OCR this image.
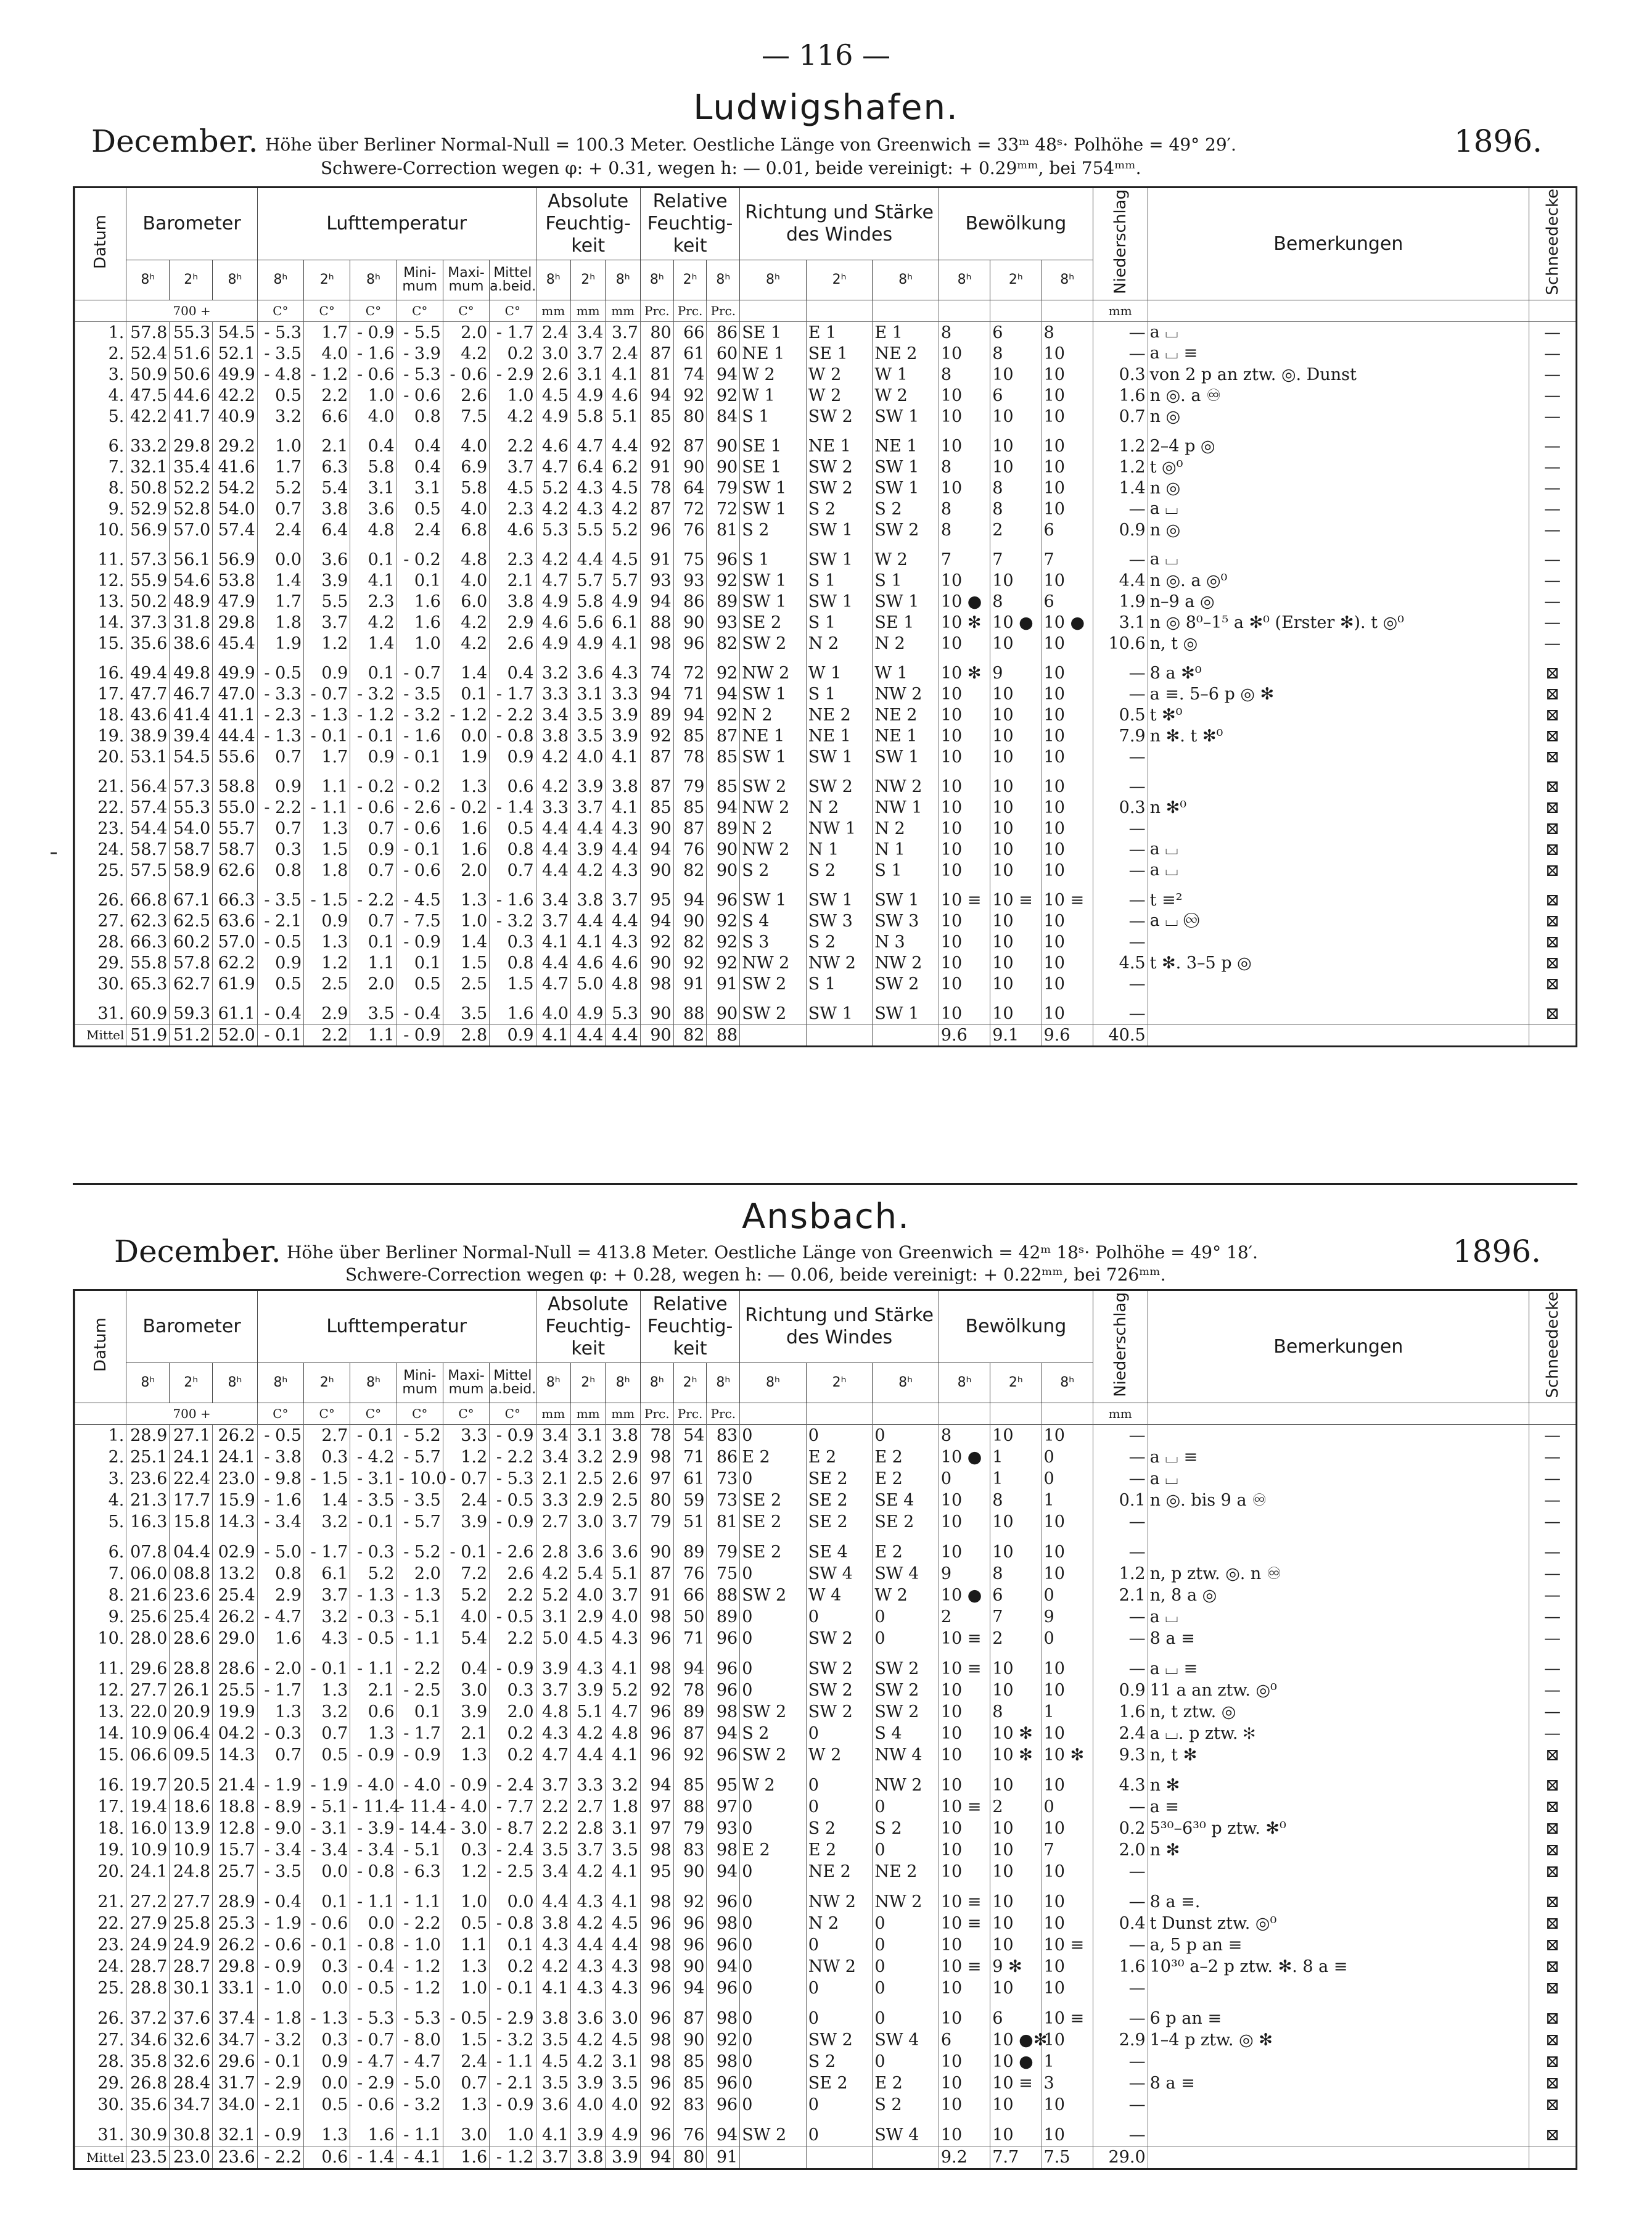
— 116 —
Ludwigshafen.
December.	1896.
Höhe über Berliner Normal-Null = 100.3 Meter. Oestliche Länge von Greenwich = 33ᵐ 48ˢ· Polhöhe = 49° 29′.
Schwere-Correction wegen φ: + 0.31, wegen h: — 0.01, beide vereinigt: + 0.29ᵐᵐ, bei 754ᵐᵐ.
Datum	Barometer			Lufttemperatur						Absolute Feuchtig- keit			Relative Feuchtig- keit			Richtung und Stärke des Windes			Bewölkung			Niederschlag	Bemerkungen	Schneedecke
	8ʰ	2ʰ	8ʰ	8ʰ	2ʰ	8ʰ	Mini- mum	Maxi- mum	Mittel a.beid.	8ʰ	2ʰ	8ʰ	8ʰ	2ʰ	8ʰ	8ʰ	2ʰ	8ʰ	8ʰ	2ʰ	8ʰ			
	700 +			C°	C°	C°	C°	C°	C°	mm	mm	mm	Prc.	Prc.	Prc.							mm		
1.	57.8	55.3	54.5	- 5.3	1.7	- 0.9	- 5.5	2.0	- 1.7	2.4	3.4	3.7	80	66	86	SE 1	E 1	E 1	8	6	8	—	a ⌴	—
2.	52.4	51.6	52.1	- 3.5	4.0	- 1.6	- 3.9	4.2	0.2	3.0	3.7	2.4	87	61	60	NE 1	SE 1	NE 2	10	8	10	—	a ⌴ ≡	—
3.	50.9	50.6	49.9	- 4.8	- 1.2	- 0.6	- 5.3	- 0.6	- 2.9	2.6	3.1	4.1	81	74	94	W 2	W 2	W 1	8	10	10	0.3	von 2 p an ztw. ◎. Dunst	—
4.	47.5	44.6	42.2	0.5	2.2	1.0	- 0.6	2.6	1.0	4.5	4.9	4.6	94	92	92	W 1	W 2	W 2	10	6	10	1.6	n ◎. a ♾	—
5.	42.2	41.7	40.9	3.2	6.6	4.0	0.8	7.5	4.2	4.9	5.8	5.1	85	80	84	S 1	SW 2	SW 1	10	10	10	0.7	n ◎	—
6.	33.2	29.8	29.2	1.0	2.1	0.4	0.4	4.0	2.2	4.6	4.7	4.4	92	87	90	SE 1	NE 1	NE 1	10	10	10	1.2	2–4 p ◎	—
7.	32.1	35.4	41.6	1.7	6.3	5.8	0.4	6.9	3.7	4.7	6.4	6.2	91	90	90	SE 1	SW 2	SW 1	8	10	10	1.2	t ◎⁰	—
8.	50.8	52.2	54.2	5.2	5.4	3.1	3.1	5.8	4.5	5.2	4.3	4.5	78	64	79	SW 1	SW 2	SW 1	10	8	10	1.4	n ◎	—
9.	52.9	52.8	54.0	0.7	3.8	3.6	0.5	4.0	2.3	4.2	4.3	4.2	87	72	72	SW 1	S 2	S 2	8	8	10	—	a ⌴	—
10.	56.9	57.0	57.4	2.4	6.4	4.8	2.4	6.8	4.6	5.3	5.5	5.2	96	76	81	S 2	SW 1	SW 2	8	2	6	0.9	n ◎	—
11.	57.3	56.1	56.9	0.0	3.6	0.1	- 0.2	4.8	2.3	4.2	4.4	4.5	91	75	96	S 1	SW 1	W 2	7	7	7	—	a ⌴	—
12.	55.9	54.6	53.8	1.4	3.9	4.1	0.1	4.0	2.1	4.7	5.7	5.7	93	93	92	SW 1	S 1	S 1	10	10	10	4.4	n ◎. a ◎⁰	—
13.	50.2	48.9	47.9	1.7	5.5	2.3	1.6	6.0	3.8	4.9	5.8	4.9	94	86	89	SW 1	SW 1	SW 1	10 ●	8	6	1.9	n–9 a ◎	—
14.	37.3	31.8	29.8	1.8	3.7	4.2	1.6	4.2	2.9	4.6	5.6	6.1	88	90	93	SE 2	S 1	SE 1	10 ✻	10 ●	10 ●	3.1	n ◎ 8⁰–1⁵ a ✻⁰ (Erster ✻). t ◎⁰	—
15.	35.6	38.6	45.4	1.9	1.2	1.4	1.0	4.2	2.6	4.9	4.9	4.1	98	96	82	SW 2	N 2	N 2	10	10	10	10.6	n, t ◎	—
16.	49.4	49.8	49.9	- 0.5	0.9	0.1	- 0.7	1.4	0.4	3.2	3.6	4.3	74	72	92	NW 2	W 1	W 1	10 ✻	9	10	—	8 a ✻⁰	⊠
17.	47.7	46.7	47.0	- 3.3	- 0.7	- 3.2	- 3.5	0.1	- 1.7	3.3	3.1	3.3	94	71	94	SW 1	S 1	NW 2	10	10	10	—	a ≡. 5–6 p ◎ ✻	⊠
18.	43.6	41.4	41.1	- 2.3	- 1.3	- 1.2	- 3.2	- 1.2	- 2.2	3.4	3.5	3.9	89	94	92	N 2	NE 2	NE 2	10	10	10	0.5	t ✻⁰	⊠
19.	38.9	39.4	44.4	- 1.3	- 0.1	- 0.1	- 1.6	0.0	- 0.8	3.8	3.5	3.9	92	85	87	NE 1	NE 1	NE 1	10	10	10	7.9	n ✻. t ✻⁰	⊠
20.	53.1	54.5	55.6	0.7	1.7	0.9	- 0.1	1.9	0.9	4.2	4.0	4.1	87	78	85	SW 1	SW 1	SW 1	10	10	10	—		⊠
21.	56.4	57.3	58.8	0.9	1.1	- 0.2	- 0.2	1.3	0.6	4.2	3.9	3.8	87	79	85	SW 2	SW 2	NW 2	10	10	10	—		⊠
22.	57.4	55.3	55.0	- 2.2	- 1.1	- 0.6	- 2.6	- 0.2	- 1.4	3.3	3.7	4.1	85	85	94	NW 2	N 2	NW 1	10	10	10	0.3	n ✻⁰	⊠
23.	54.4	54.0	55.7	0.7	1.3	0.7	- 0.6	1.6	0.5	4.4	4.4	4.3	90	87	89	N 2	NW 1	N 2	10	10	10	—		⊠
24.	58.7	58.7	58.7	0.3	1.5	0.9	- 0.1	1.6	0.8	4.4	3.9	4.4	94	76	90	NW 2	N 1	N 1	10	10	10	—	a ⌴	⊠
25.	57.5	58.9	62.6	0.8	1.8	0.7	- 0.6	2.0	0.7	4.4	4.2	4.3	90	82	90	S 2	S 2	S 1	10	10	10	—	a ⌴	⊠
26.	66.8	67.1	66.3	- 3.5	- 1.5	- 2.2	- 4.5	1.3	- 1.6	3.4	3.8	3.7	95	94	96	SW 1	SW 1	SW 1	10 ≡	10 ≡	10 ≡	—	t ≡²	⊠
27.	62.3	62.5	63.6	- 2.1	0.9	0.7	- 7.5	1.0	- 3.2	3.7	4.4	4.4	94	90	92	S 4	SW 3	SW 3	10	10	10	—	a ⌴ ♾	⊠
28.	66.3	60.2	57.0	- 0.5	1.3	0.1	- 0.9	1.4	0.3	4.1	4.1	4.3	92	82	92	S 3	S 2	N 3	10	10	10	—		⊠
29.	55.8	57.8	62.2	0.9	1.2	1.1	0.1	1.5	0.8	4.4	4.6	4.6	90	92	92	NW 2	NW 2	NW 2	10	10	10	4.5	t ✻. 3–5 p ◎	⊠
30.	65.3	62.7	61.9	0.5	2.5	2.0	0.5	2.5	1.5	4.7	5.0	4.8	98	91	91	SW 2	S 1	SW 2	10	10	10	—		⊠
31.	60.9	59.3	61.1	- 0.4	2.9	3.5	- 0.4	3.5	1.6	4.0	4.9	5.3	90	88	90	SW 2	SW 1	SW 1	10	10	10	—		⊠
Mittel	51.9	51.2	52.0	- 0.1	2.2	1.1	- 0.9	2.8	0.9	4.1	4.4	4.4	90	82	88				9.6	9.1	9.6	40.5		
Ansbach.
December.	1896.
Höhe über Berliner Normal-Null = 413.8 Meter. Oestliche Länge von Greenwich = 42ᵐ 18ˢ· Polhöhe = 49° 18′.
Schwere-Correction wegen φ: + 0.28, wegen h: — 0.06, beide vereinigt: + 0.22ᵐᵐ, bei 726ᵐᵐ.
Datum	Barometer			Lufttemperatur						Absolute Feuchtig- keit			Relative Feuchtig- keit			Richtung und Stärke des Windes			Bewölkung			Niederschlag	Bemerkungen	Schneedecke
	8ʰ	2ʰ	8ʰ	8ʰ	2ʰ	8ʰ	Mini- mum	Maxi- mum	Mittel a.beid.	8ʰ	2ʰ	8ʰ	8ʰ	2ʰ	8ʰ	8ʰ	2ʰ	8ʰ	8ʰ	2ʰ	8ʰ			
	700 +			C°	C°	C°	C°	C°	C°	mm	mm	mm	Prc.	Prc.	Prc.							mm		
1.	28.9	27.1	26.2	- 0.5	2.7	- 0.1	- 5.2	3.3	- 0.9	3.4	3.1	3.8	78	54	83	0	0	0	8	10	10	—		—
2.	25.1	24.1	24.1	- 3.8	0.3	- 4.2	- 5.7	1.2	- 2.2	3.4	3.2	2.9	98	71	86	E 2	E 2	E 2	10 ●	1	0	—	a ⌴ ≡	—
3.	23.6	22.4	23.0	- 9.8	- 1.5	- 3.1	- 10.0	- 0.7	- 5.3	2.1	2.5	2.6	97	61	73	0	SE 2	E 2	0	1	0	—	a ⌴	—
4.	21.3	17.7	15.9	- 1.6	1.4	- 3.5	- 3.5	2.4	- 0.5	3.3	2.9	2.5	80	59	73	SE 2	SE 2	SE 4	10	8	1	0.1	n ◎. bis 9 a ♾	—
5.	16.3	15.8	14.3	- 3.4	3.2	- 0.1	- 5.7	3.9	- 0.9	2.7	3.0	3.7	79	51	81	SE 2	SE 2	SE 2	10	10	10	—		—
6.	07.8	04.4	02.9	- 5.0	- 1.7	- 0.3	- 5.2	- 0.1	- 2.6	2.8	3.6	3.6	90	89	79	SE 2	SE 4	E 2	10	10	10	—		—
7.	06.0	08.8	13.2	0.8	6.1	5.2	2.0	7.2	2.6	4.2	5.4	5.1	87	76	75	0	SW 4	SW 4	9	8	10	1.2	n, p ztw. ◎. n ♾	—
8.	21.6	23.6	25.4	2.9	3.7	- 1.3	- 1.3	5.2	2.2	5.2	4.0	3.7	91	66	88	SW 2	W 4	W 2	10 ●	6	0	2.1	n, 8 a ◎	—
9.	25.6	25.4	26.2	- 4.7	3.2	- 0.3	- 5.1	4.0	- 0.5	3.1	2.9	4.0	98	50	89	0	0	0	2	7	9	—	a ⌴	—
10.	28.0	28.6	29.0	1.6	4.3	- 0.5	- 1.1	5.4	2.2	5.0	4.5	4.3	96	71	96	0	SW 2	0	10 ≡	2	0	—	8 a ≡	—
11.	29.6	28.8	28.6	- 2.0	- 0.1	- 1.1	- 2.2	0.4	- 0.9	3.9	4.3	4.1	98	94	96	0	SW 2	SW 2	10 ≡	10	10	—	a ⌴ ≡	—
12.	27.7	26.1	25.5	- 1.7	1.3	2.1	- 2.5	3.0	0.3	3.7	3.9	5.2	92	78	96	0	SW 2	SW 2	10	10	10	0.9	11 a an ztw. ◎⁰	—
13.	22.0	20.9	19.9	1.3	3.2	0.6	0.1	3.9	2.0	4.8	5.1	4.7	96	89	98	SW 2	SW 2	SW 2	10	8	1	1.6	n, t ztw. ◎	—
14.	10.9	06.4	04.2	- 0.3	0.7	1.3	- 1.7	2.1	0.2	4.3	4.2	4.8	96	87	94	S 2	0	S 4	10	10 ✻	10	2.4	a ⌴. p ztw. ✻	—
15.	06.6	09.5	14.3	0.7	0.5	- 0.9	- 0.9	1.3	0.2	4.7	4.4	4.1	96	92	96	SW 2	W 2	NW 4	10	10 ✻	10 ✻	9.3	n, t ✻	⊠
16.	19.7	20.5	21.4	- 1.9	- 1.9	- 4.0	- 4.0	- 0.9	- 2.4	3.7	3.3	3.2	94	85	95	W 2	0	NW 2	10	10	10	4.3	n ✻	⊠
17.	19.4	18.6	18.8	- 8.9	- 5.1	- 11.4	- 11.4	- 4.0	- 7.7	2.2	2.7	1.8	97	88	97	0	0	0	10 ≡	2	0	—	a ≡	⊠
18.	16.0	13.9	12.8	- 9.0	- 3.1	- 3.9	- 14.4	- 3.0	- 8.7	2.2	2.8	3.1	97	79	93	0	S 2	S 2	10	10	10	0.2	5³⁰–6³⁰ p ztw. ✻⁰	⊠
19.	10.9	10.9	15.7	- 3.4	- 3.4	- 3.4	- 5.1	0.3	- 2.4	3.5	3.7	3.5	98	83	98	E 2	E 2	0	10	10	7	2.0	n ✻	⊠
20.	24.1	24.8	25.7	- 3.5	0.0	- 0.8	- 6.3	1.2	- 2.5	3.4	4.2	4.1	95	90	94	0	NE 2	NE 2	10	10	10	—		⊠
21.	27.2	27.7	28.9	- 0.4	0.1	- 1.1	- 1.1	1.0	0.0	4.4	4.3	4.1	98	92	96	0	NW 2	NW 2	10 ≡	10	10	—	8 a ≡.	⊠
22.	27.9	25.8	25.3	- 1.9	- 0.6	0.0	- 2.2	0.5	- 0.8	3.8	4.2	4.5	96	96	98	0	N 2	0	10 ≡	10	10	0.4	t Dunst ztw. ◎⁰	⊠
23.	24.9	24.9	26.2	- 0.6	- 0.1	- 0.8	- 1.0	1.1	0.1	4.3	4.4	4.4	98	96	96	0	0	0	10	10	10 ≡	—	a, 5 p an ≡	⊠
24.	28.7	28.7	29.8	- 0.9	0.3	- 0.4	- 1.2	1.3	0.2	4.2	4.3	4.3	98	90	94	0	NW 2	0	10 ≡	9 ✻	10	1.6	10³⁰ a–2 p ztw. ✻. 8 a ≡	⊠
25.	28.8	30.1	33.1	- 1.0	0.0	- 0.5	- 1.2	1.0	- 0.1	4.1	4.3	4.3	96	94	96	0	0	0	10	10	10	—		⊠
26.	37.2	37.6	37.4	- 1.8	- 1.3	- 5.3	- 5.3	- 0.5	- 2.9	3.8	3.6	3.0	96	87	98	0	0	0	10	6	10 ≡	—	6 p an ≡	⊠
27.	34.6	32.6	34.7	- 3.2	0.3	- 0.7	- 8.0	1.5	- 3.2	3.5	4.2	4.5	98	90	92	0	SW 2	SW 4	6	10 ●✻	10	2.9	1–4 p ztw. ◎ ✻	⊠
28.	35.8	32.6	29.6	- 0.1	0.9	- 4.7	- 4.7	2.4	- 1.1	4.5	4.2	3.1	98	85	98	0	S 2	0	10	10 ●	1	—		⊠
29.	26.8	28.4	31.7	- 2.9	0.0	- 2.9	- 5.0	0.7	- 2.1	3.5	3.9	3.5	96	85	96	0	SE 2	E 2	10	10 ≡	3	—	8 a ≡	⊠
30.	35.6	34.7	34.0	- 2.1	0.5	- 0.6	- 3.2	1.3	- 0.9	3.6	4.0	4.0	92	83	96	0	0	S 2	10	10	10	—		⊠
31.	30.9	30.8	32.1	- 0.9	1.3	1.6	- 1.1	3.0	1.0	4.1	3.9	4.9	96	76	94	SW 2	0	SW 4	10	10	10	—		⊠
Mittel	23.5	23.0	23.6	- 2.2	0.6	- 1.4	- 4.1	1.6	- 1.2	3.7	3.8	3.9	94	80	91				9.2	7.7	7.5	29.0		
